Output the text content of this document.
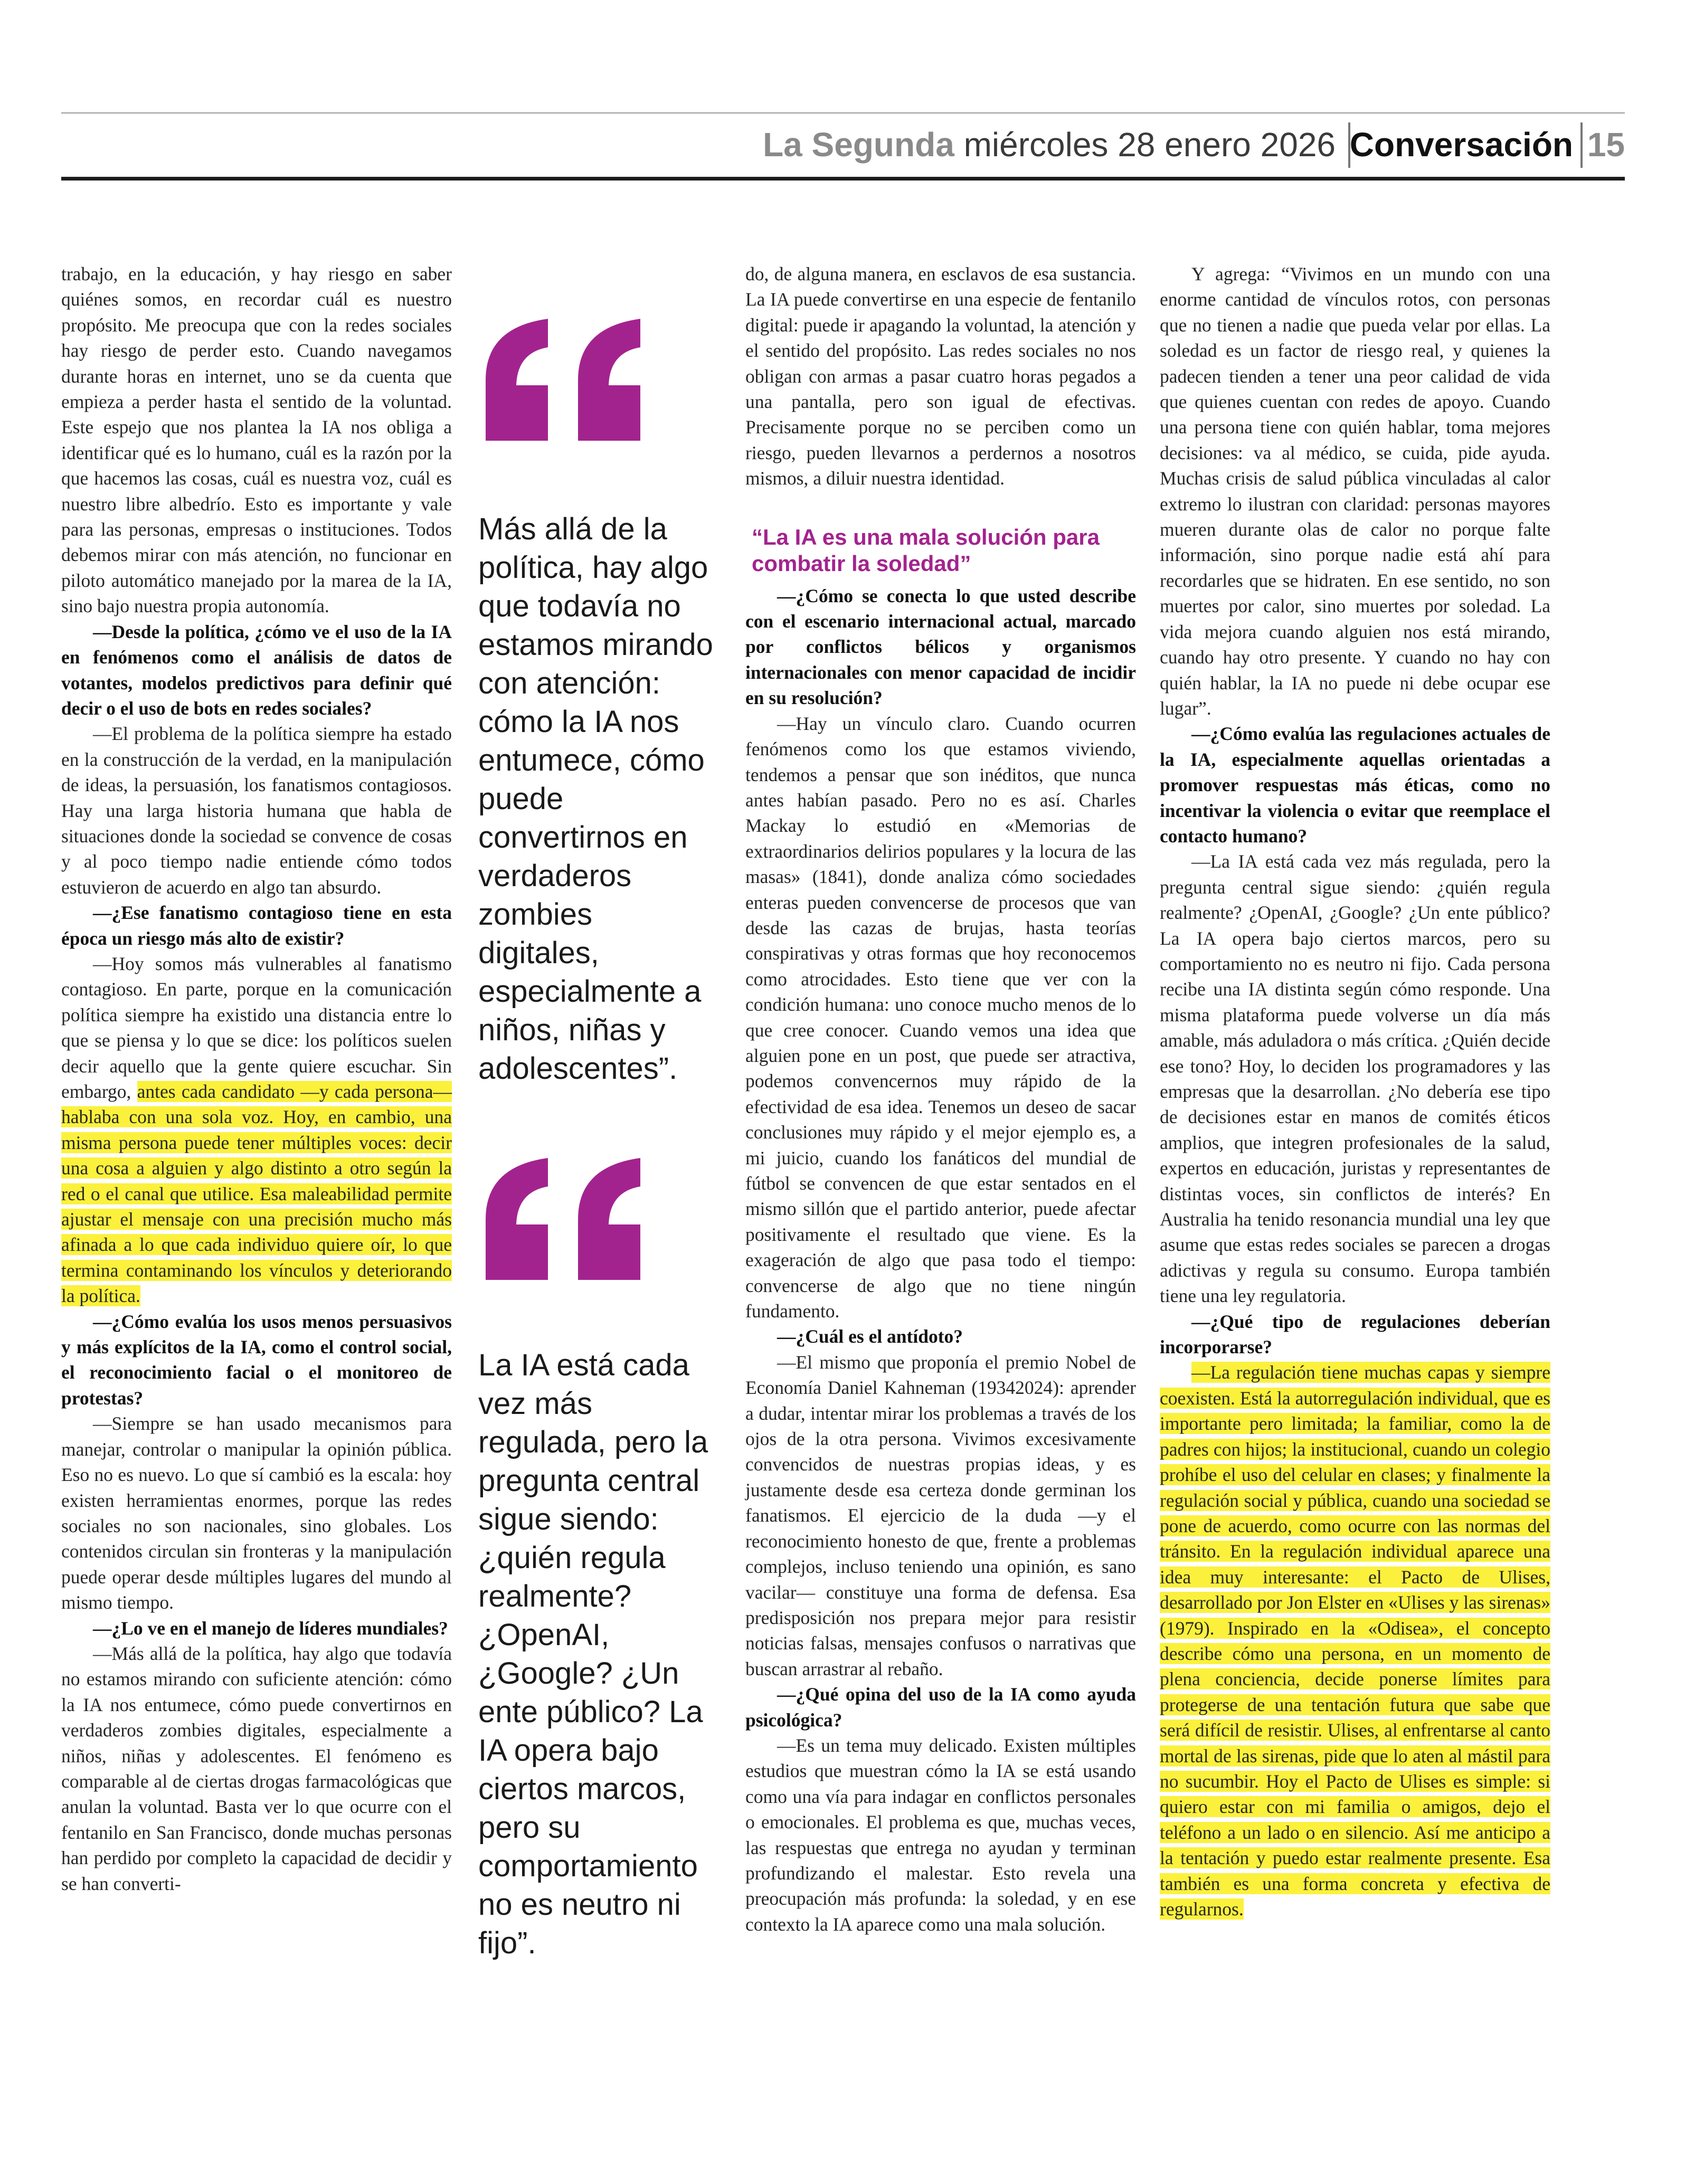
La Segunda miércoles 28 enero 2026 Conversación 15

trabajo, en la educación, y hay riesgo en saber quiénes somos, en recordar cuál es nuestro propósito. Me preocupa que con la redes sociales hay riesgo de perder esto. Cuando navegamos durante horas en internet, uno se da cuenta que empieza a perder hasta el sentido de la voluntad. Este espejo que nos plantea la IA nos obliga a identificar qué es lo humano, cuál es la razón por la que hacemos las cosas, cuál es nuestra voz, cuál es nuestro libre albedrío. Esto es importante y vale para las personas, empresas o instituciones. Todos debemos mirar con más atención, no funcionar en piloto automático manejado por la marea de la IA, sino bajo nuestra propia autonomía.

—Desde la política, ¿cómo ve el uso de la IA en fenómenos como el análisis de datos de votantes, modelos predictivos para definir qué decir o el uso de bots en redes sociales?

—El problema de la política siempre ha estado en la construcción de la verdad, en la manipulación de ideas, la persuasión, los fanatismos contagiosos. Hay una larga historia humana que habla de situaciones donde la sociedad se convence de cosas y al poco tiempo nadie entiende cómo todos estuvieron de acuerdo en algo tan absurdo.

—¿Ese fanatismo contagioso tiene en esta época un riesgo más alto de existir?

—Hoy somos más vulnerables al fanatismo contagioso. En parte, porque en la comunicación política siempre ha existido una distancia entre lo que se piensa y lo que se dice: los políticos suelen decir aquello que la gente quiere escuchar. Sin embargo, antes cada candidato —y cada persona— hablaba con una sola voz. Hoy, en cambio, una misma persona puede tener múltiples voces: decir una cosa a alguien y algo distinto a otro según la red o el canal que utilice. Esa maleabilidad permite ajustar el mensaje con una precisión mucho más afinada a lo que cada individuo quiere oír, lo que termina contaminando los vínculos y deteriorando la política.

—¿Cómo evalúa los usos menos persuasivos y más explícitos de la IA, como el control social, el reconocimiento facial o el monitoreo de protestas?

—Siempre se han usado mecanismos para manejar, controlar o manipular la opinión pública. Eso no es nuevo. Lo que sí cambió es la escala: hoy existen herramientas enormes, porque las redes sociales no son nacionales, sino globales. Los contenidos circulan sin fronteras y la manipulación puede operar desde múltiples lugares del mundo al mismo tiempo.

—¿Lo ve en el manejo de líderes mundiales?

—Más allá de la política, hay algo que todavía no estamos mirando con suficiente atención: cómo la IA nos entumece, cómo puede convertirnos en verdaderos zombies digitales, especialmente a niños, niñas y adolescentes. El fenómeno es comparable al de ciertas drogas farmacológicas que anulan la voluntad. Basta ver lo que ocurre con el fentanilo en San Francisco, donde muchas personas han perdido por completo la capacidad de decidir y se han converti-

Más allá de la política, hay algo que todavía no estamos mirando con atención: cómo la IA nos entumece, cómo puede convertirnos en verdaderos zombies digitales, especialmente a niños, niñas y adolescentes”.
La IA está cada vez más regulada, pero la pregunta central sigue siendo: ¿quién regula realmente? ¿OpenAI, ¿Google? ¿Un ente público? La IA opera bajo ciertos marcos, pero su comportamiento no es neutro ni fijo”.

do, de alguna manera, en esclavos de esa sustancia. La IA puede convertirse en una especie de fentanilo digital: puede ir apagando la voluntad, la atención y el sentido del propósito. Las redes sociales no nos obligan con armas a pasar cuatro horas pegados a una pantalla, pero son igual de efectivas. Precisamente porque no se perciben como un riesgo, pueden llevarnos a perdernos a nosotros mismos, a diluir nuestra identidad.

“La IA es una mala solución para combatir la soledad”

—¿Cómo se conecta lo que usted describe con el escenario internacional actual, marcado por conflictos bélicos y organismos internacionales con menor capacidad de incidir en su resolución?

—Hay un vínculo claro. Cuando ocurren fenómenos como los que estamos viviendo, tendemos a pensar que son inéditos, que nunca antes habían pasado. Pero no es así. Charles Mackay lo estudió en «Memorias de extraordinarios delirios populares y la locura de las masas» (1841), donde analiza cómo sociedades enteras pueden convencerse de procesos que van desde las cazas de brujas, hasta teorías conspirativas y otras formas que hoy reconocemos como atrocidades. Esto tiene que ver con la condición humana: uno conoce mucho menos de lo que cree conocer. Cuando vemos una idea que alguien pone en un post, que puede ser atractiva, podemos convencernos muy rápido de la efectividad de esa idea. Tenemos un deseo de sacar conclusiones muy rápido y el mejor ejemplo es, a mi juicio, cuando los fanáticos del mundial de fútbol se convencen de que estar sentados en el mismo sillón que el partido anterior, puede afectar positivamente el resultado que viene. Es la exageración de algo que pasa todo el tiempo: convencerse de algo que no tiene ningún fundamento.

—¿Cuál es el antídoto?

—El mismo que proponía el premio Nobel de Economía Daniel Kahneman (19342024): aprender a dudar, intentar mirar los problemas a través de los ojos de la otra persona. Vivimos excesivamente convencidos de nuestras propias ideas, y es justamente desde esa certeza donde germinan los fanatismos. El ejercicio de la duda —y el reconocimiento honesto de que, frente a problemas complejos, incluso teniendo una opinión, es sano vacilar— constituye una forma de defensa. Esa predisposición nos prepara mejor para resistir noticias falsas, mensajes confusos o narrativas que buscan arrastrar al rebaño.

—¿Qué opina del uso de la IA como ayuda psicológica?

—Es un tema muy delicado. Existen múltiples estudios que muestran cómo la IA se está usando como una vía para indagar en conflictos personales o emocionales. El problema es que, muchas veces, las respuestas que entrega no ayudan y terminan profundizando el malestar. Esto revela una preocupación más profunda: la soledad, y en ese contexto la IA aparece como una mala solución.

Y agrega: “Vivimos en un mundo con una enorme cantidad de vínculos rotos, con personas que no tienen a nadie que pueda velar por ellas. La soledad es un factor de riesgo real, y quienes la padecen tienden a tener una peor calidad de vida que quienes cuentan con redes de apoyo. Cuando una persona tiene con quién hablar, toma mejores decisiones: va al médico, se cuida, pide ayuda. Muchas crisis de salud pública vinculadas al calor extremo lo ilustran con claridad: personas mayores mueren durante olas de calor no porque falte información, sino porque nadie está ahí para recordarles que se hidraten. En ese sentido, no son muertes por calor, sino muertes por soledad. La vida mejora cuando alguien nos está mirando, cuando hay otro presente. Y cuando no hay con quién hablar, la IA no puede ni debe ocupar ese lugar”.

—¿Cómo evalúa las regulaciones actuales de la IA, especialmente aquellas orientadas a promover respuestas más éticas, como no incentivar la violencia o evitar que reemplace el contacto humano?

—La IA está cada vez más regulada, pero la pregunta central sigue siendo: ¿quién regula realmente? ¿OpenAI, ¿Google? ¿Un ente público? La IA opera bajo ciertos marcos, pero su comportamiento no es neutro ni fijo. Cada persona recibe una IA distinta según cómo responde. Una misma plataforma puede volverse un día más amable, más aduladora o más crítica. ¿Quién decide ese tono? Hoy, lo deciden los programadores y las empresas que la desarrollan. ¿No debería ese tipo de decisiones estar en manos de comités éticos amplios, que integren profesionales de la salud, expertos en educación, juristas y representantes de distintas voces, sin conflictos de interés? En Australia ha tenido resonancia mundial una ley que asume que estas redes sociales se parecen a drogas adictivas y regula su consumo. Europa también tiene una ley regulatoria.

—¿Qué tipo de regulaciones deberían incorporarse?

—La regulación tiene muchas capas y siempre coexisten. Está la autorregulación individual, que es importante pero limitada; la familiar, como la de padres con hijos; la institucional, cuando un colegio prohíbe el uso del celular en clases; y finalmente la regulación social y pública, cuando una sociedad se pone de acuerdo, como ocurre con las normas del tránsito. En la regulación individual aparece una idea muy interesante: el Pacto de Ulises, desarrollado por Jon Elster en «Ulises y las sirenas» (1979). Inspirado en la «Odisea», el concepto describe cómo una persona, en un momento de plena conciencia, decide ponerse límites para protegerse de una tentación futura que sabe que será difícil de resistir. Ulises, al enfrentarse al canto mortal de las sirenas, pide que lo aten al mástil para no sucumbir. Hoy el Pacto de Ulises es simple: si quiero estar con mi familia o amigos, dejo el teléfono a un lado o en silencio. Así me anticipo a la tentación y puedo estar realmente presente. Esa también es una forma concreta y efectiva de regularnos.
